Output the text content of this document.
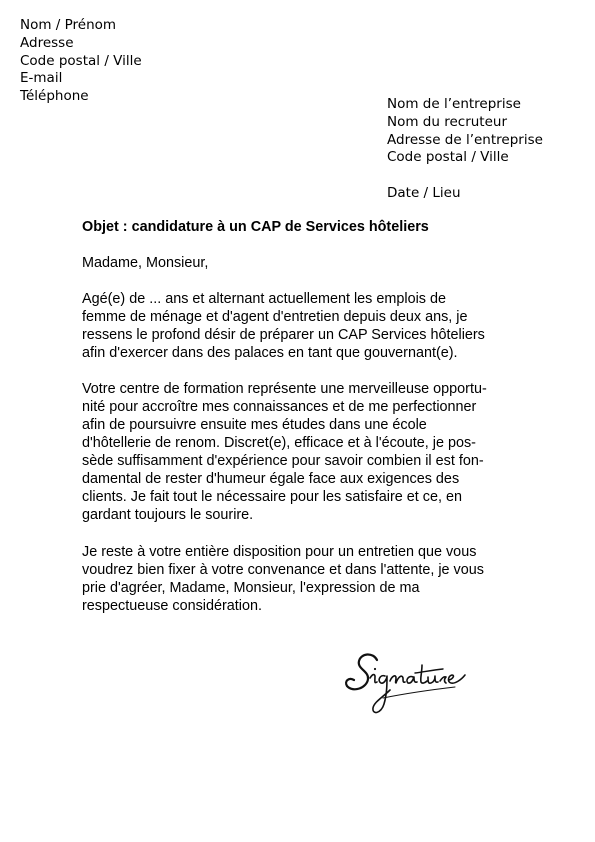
Nom / Prénom
Adresse
Code postal / Ville
E-mail
Téléphone	Nom de l’entreprise
Nom du recruteur
Adresse de l’entreprise
Code postal / Ville
Date / Lieu
Objet : candidature à un CAP de Services hôteliers
Madame, Monsieur,
Agé(e) de ... ans et alternant actuellement les emplois de
femme de ménage et d'agent d'entretien depuis deux ans, je
ressens le profond désir de préparer un CAP Services hôteliers
afin d'exercer dans des palaces en tant que gouvernant(e).
Votre centre de formation représente une merveilleuse opportu-
nité pour accroître mes connaissances et de me perfectionner
afin de poursuivre ensuite mes études dans une école
d'hôtellerie de renom. Discret(e), efficace et à l'écoute, je pos-
sède suffisamment d'expérience pour savoir combien il est fon-
damental de rester d'humeur égale face aux exigences des
clients. Je fait tout le nécessaire pour les satisfaire et ce, en
gardant toujours le sourire.
Je reste à votre entière disposition pour un entretien que vous
voudrez bien fixer à votre convenance et dans l'attente, je vous
prie d'agréer, Madame, Monsieur, l'expression de ma
respectueuse considération.
